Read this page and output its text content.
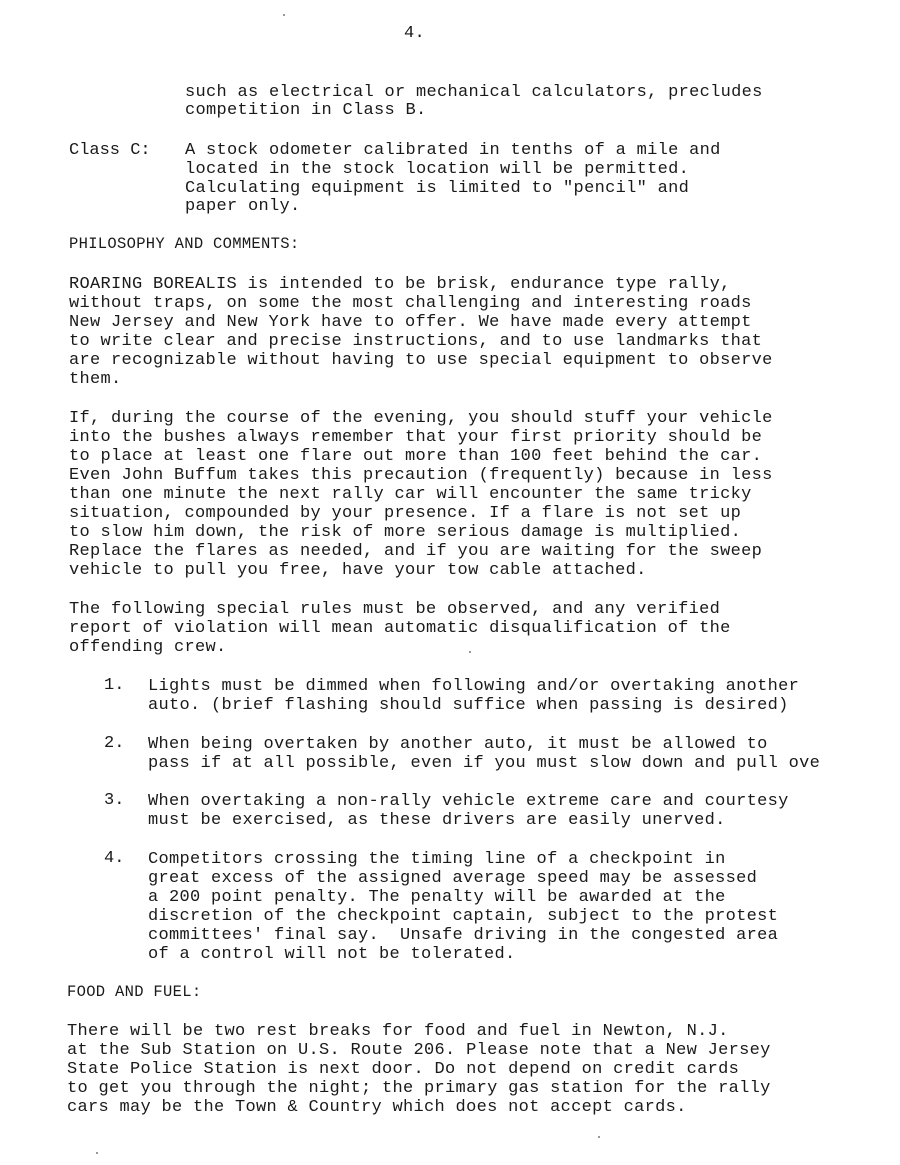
4.
such as electrical or mechanical calculators, precludes
competition in Class B.
Class C: A stock odometer calibrated in tenths of a mile and
located in the stock location will be permitted.
Calculating equipment is limited to "pencil" and
paper only.
PHILOSOPHY AND COMMENTS:
ROARING BOREALIS is intended to be brisk, endurance type rally,
without traps, on some the most challenging and interesting roads
New Jersey and New York have to offer. We have made every attempt
to write clear and precise instructions, and to use landmarks that
are recognizable without having to use special equipment to observe
them.
If, during the course of the evening, you should stuff your vehicle
into the bushes always remember that your first priority should be
to place at least one flare out more than 100 feet behind the car.
Even John Buffum takes this precaution (frequently) because in less
than one minute the next rally car will encounter the same tricky
situation, compounded by your presence. If a flare is not set up
to slow him down, the risk of more serious damage is multiplied.
Replace the flares as needed, and if you are waiting for the sweep
vehicle to pull you free, have your tow cable attached.
The following special rules must be observed, and any verified
report of violation will mean automatic disqualification of the
offending crew.
1. Lights must be dimmed when following and/or overtaking another
auto. (brief flashing should suffice when passing is desired)
2. When being overtaken by another auto, it must be allowed to
pass if at all possible, even if you must slow down and pull ove
3. When overtaking a non-rally vehicle extreme care and courtesy
must be exercised, as these drivers are easily unerved.
4. Competitors crossing the timing line of a checkpoint in
great excess of the assigned average speed may be assessed
a 200 point penalty. The penalty will be awarded at the
discretion of the checkpoint captain, subject to the protest
committees' final say.  Unsafe driving in the congested area
of a control will not be tolerated.
FOOD AND FUEL:
There will be two rest breaks for food and fuel in Newton, N.J.
at the Sub Station on U.S. Route 206. Please note that a New Jersey
State Police Station is next door. Do not depend on credit cards
to get you through the night; the primary gas station for the rally
cars may be the Town & Country which does not accept cards.
